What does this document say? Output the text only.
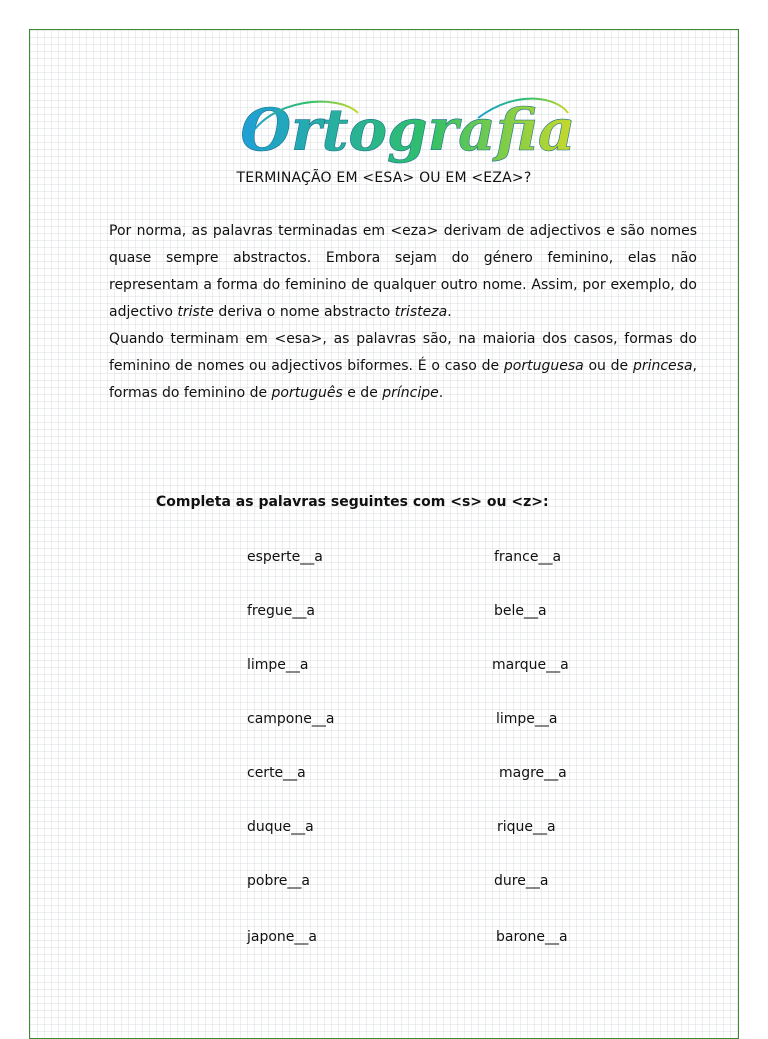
Ortografia
TERMINAÇÃO EM <ESA> OU EM <EZA>?

Por norma, as palavras terminadas em <eza> derivam de adjectivos e são nomes quase sempre abstractos. Embora sejam do género feminino, elas não representam a forma do feminino de qualquer outro nome. Assim, por exemplo, do adjectivo triste deriva o nome abstracto tristeza.

Quando terminam em <esa>, as palavras são, na maioria dos casos, formas do feminino de nomes ou adjectivos biformes. É o caso de portuguesa ou de princesa, formas do feminino de português e de príncipe.

Completa as palavras seguintes com <s> ou <z>:
esperte__a
fregue__a
limpe__a
campone__a
certe__a
duque__a
pobre__a
japone__a
france__a
bele__a
marque__a
limpe__a
magre__a
rique__a
dure__a
barone__a
